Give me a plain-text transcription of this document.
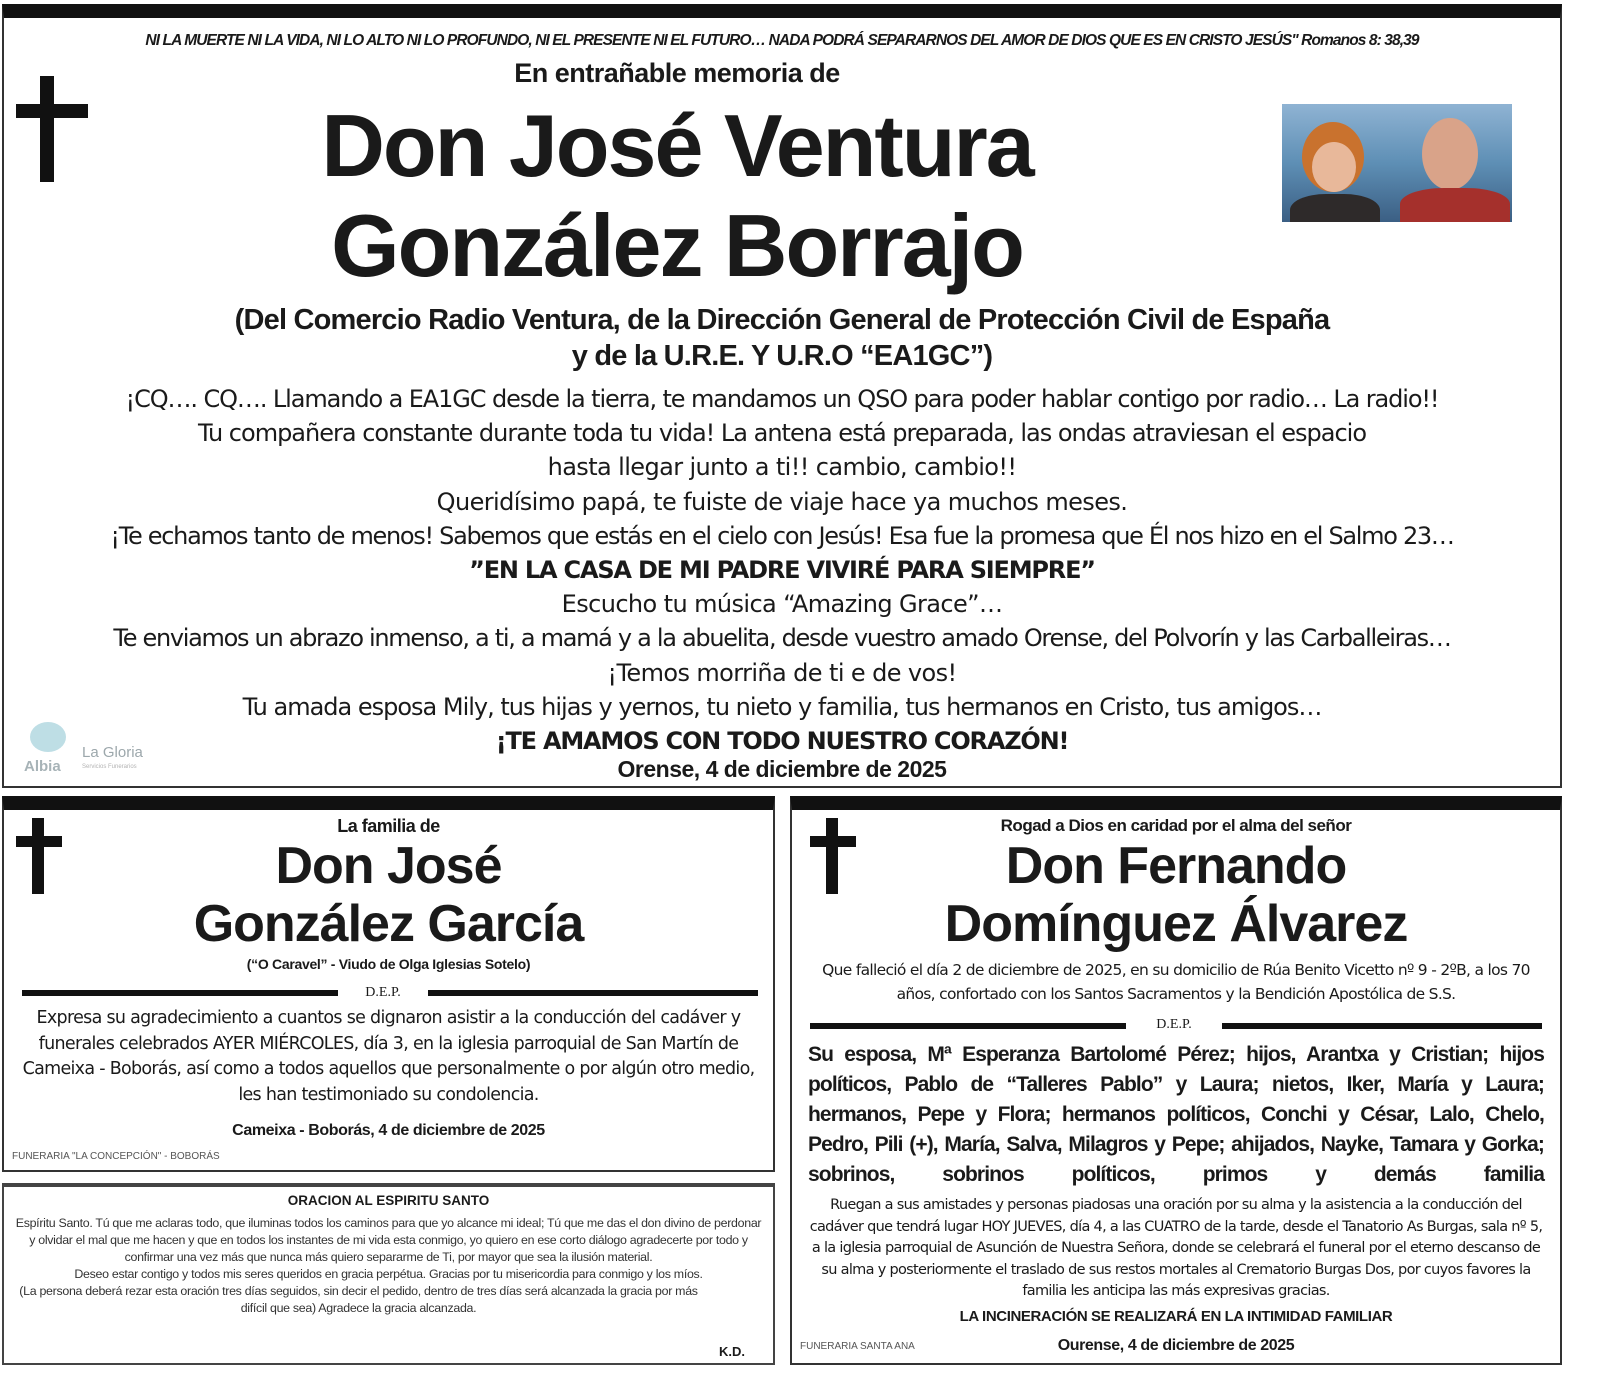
NI LA MUERTE NI LA VIDA, NI LO ALTO NI LO PROFUNDO, NI EL PRESENTE NI EL FUTURO… NADA PODRÁ SEPARARNOS DEL AMOR DE DIOS QUE ES EN CRISTO JESÚS" Romanos 8: 38,39
En entrañable memoria de
Don José Ventura
González Borrajo
(Del Comercio Radio Ventura, de la Dirección General de Protección Civil de España
y de la U.R.E. Y U.R.O “EA1GC”)
¡CQ…. CQ…. Llamando a EA1GC desde la tierra, te mandamos un QSO para poder hablar contigo por radio… La radio!!
Tu compañera constante durante toda tu vida! La antena está preparada, las ondas atraviesan el espacio
hasta llegar junto a ti!! cambio, cambio!!
Queridísimo papá, te fuiste de viaje hace ya muchos meses.
¡Te echamos tanto de menos! Sabemos que estás en el cielo con Jesús! Esa fue la promesa que Él nos hizo en el Salmo 23…
”EN LA CASA DE MI PADRE VIVIRÉ PARA SIEMPRE”
Escucho tu música “Amazing Grace”…
Te enviamos un abrazo inmenso, a ti, a mamá y a la abuelita, desde vuestro amado Orense, del Polvorín y las Carballeiras…
¡Temos morriña de ti e de vos!
Tu amada esposa Mily, tus hijas y yernos, tu nieto y familia, tus hermanos en Cristo, tus amigos…
¡TE AMAMOS CON TODO NUESTRO CORAZÓN!
Orense, 4 de diciembre de 2025
Albia
La Gloria
Servicios Funerarios
La familia de
Don José
González García
(“O Caravel” - Viudo de Olga Iglesias Sotelo)
D.E.P.
Expresa su agradecimiento a cuantos se dignaron asistir a la conducción del cadáver y funerales celebrados AYER MIÉRCOLES, día 3, en la iglesia parroquial de San Martín de Cameixa - Boborás, así como a todos aquellos que personalmente o por algún otro medio, les han testimoniado su condolencia.
Cameixa - Boborás, 4 de diciembre de 2025
FUNERARIA "LA CONCEPCIÓN" - BOBORÁS
ORACION AL ESPIRITU SANTO
Espíritu Santo. Tú que me aclaras todo, que iluminas todos los caminos para que yo alcance mi ideal; Tú que me das el don divino de perdonar y olvidar el mal que me hacen y que en todos los instantes de mi vida esta conmigo, yo quiero en ese corto diálogo agradecerte por todo y confirmar una vez más que nunca más quiero separarme de Ti, por mayor que sea la ilusión material.
Deseo estar contigo y todos mis seres queridos en gracia perpétua. Gracias por tu misericordia para conmigo y los míos.
(La persona deberá rezar esta oración tres días seguidos, sin decir el pedido, dentro de tres días será alcanzada la gracia por más difícil que sea) Agradece la gracia alcanzada.
K.D.
Rogad a Dios en caridad por el alma del señor
Don Fernando
Domínguez Álvarez
Que falleció el día 2 de diciembre de 2025, en su domicilio de Rúa Benito Vicetto nº 9 - 2ºB, a los 70 años, confortado con los Santos Sacramentos y la Bendición Apostólica de S.S.
D.E.P.
Su esposa, Mª Esperanza Bartolomé Pérez; hijos, Arantxa y Cristian; hijos políticos, Pablo de “Talleres Pablo” y Laura; nietos, Iker, María y Laura; hermanos, Pepe y Flora; hermanos políticos, Conchi y César, Lalo, Chelo, Pedro, Pili (+), María, Salva, Milagros y Pepe; ahijados, Nayke, Tamara y Gorka; sobrinos, sobrinos políticos, primos y demás familia
Ruegan a sus amistades y personas piadosas una oración por su alma y la asistencia a la conducción del cadáver que tendrá lugar HOY JUEVES, día 4, a las CUATRO de la tarde, desde el Tanatorio As Burgas, sala nº 5, a la iglesia parroquial de Asunción de Nuestra Señora, donde se celebrará el funeral por el eterno descanso de su alma y posteriormente el traslado de sus restos mortales al Crematorio Burgas Dos, por cuyos favores la familia les anticipa las más expresivas gracias.
LA INCINERACIÓN SE REALIZARÁ EN LA INTIMIDAD FAMILIAR
FUNERARIA SANTA ANA	Ourense, 4 de diciembre de 2025
